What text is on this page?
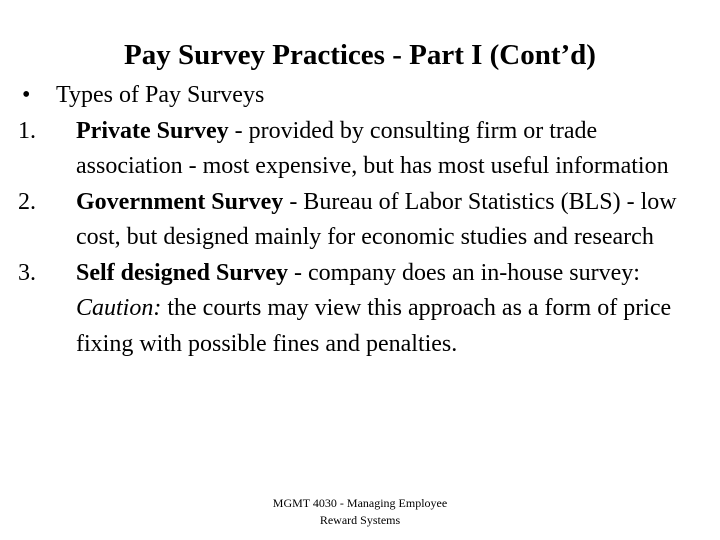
Pay Survey Practices - Part I (Cont’d)
•	Types of Pay Surveys
1.	Private Survey - provided by consulting firm or trade association - most expensive, but has most useful information
2.	Government Survey - Bureau of Labor Statistics (BLS) - low cost, but designed mainly for economic studies and research
3.	Self designed Survey - company does an in-house survey: Caution: the courts may view this approach as a form of price fixing with possible fines and penalties.
MGMT 4030 - Managing Employee
Reward Systems
